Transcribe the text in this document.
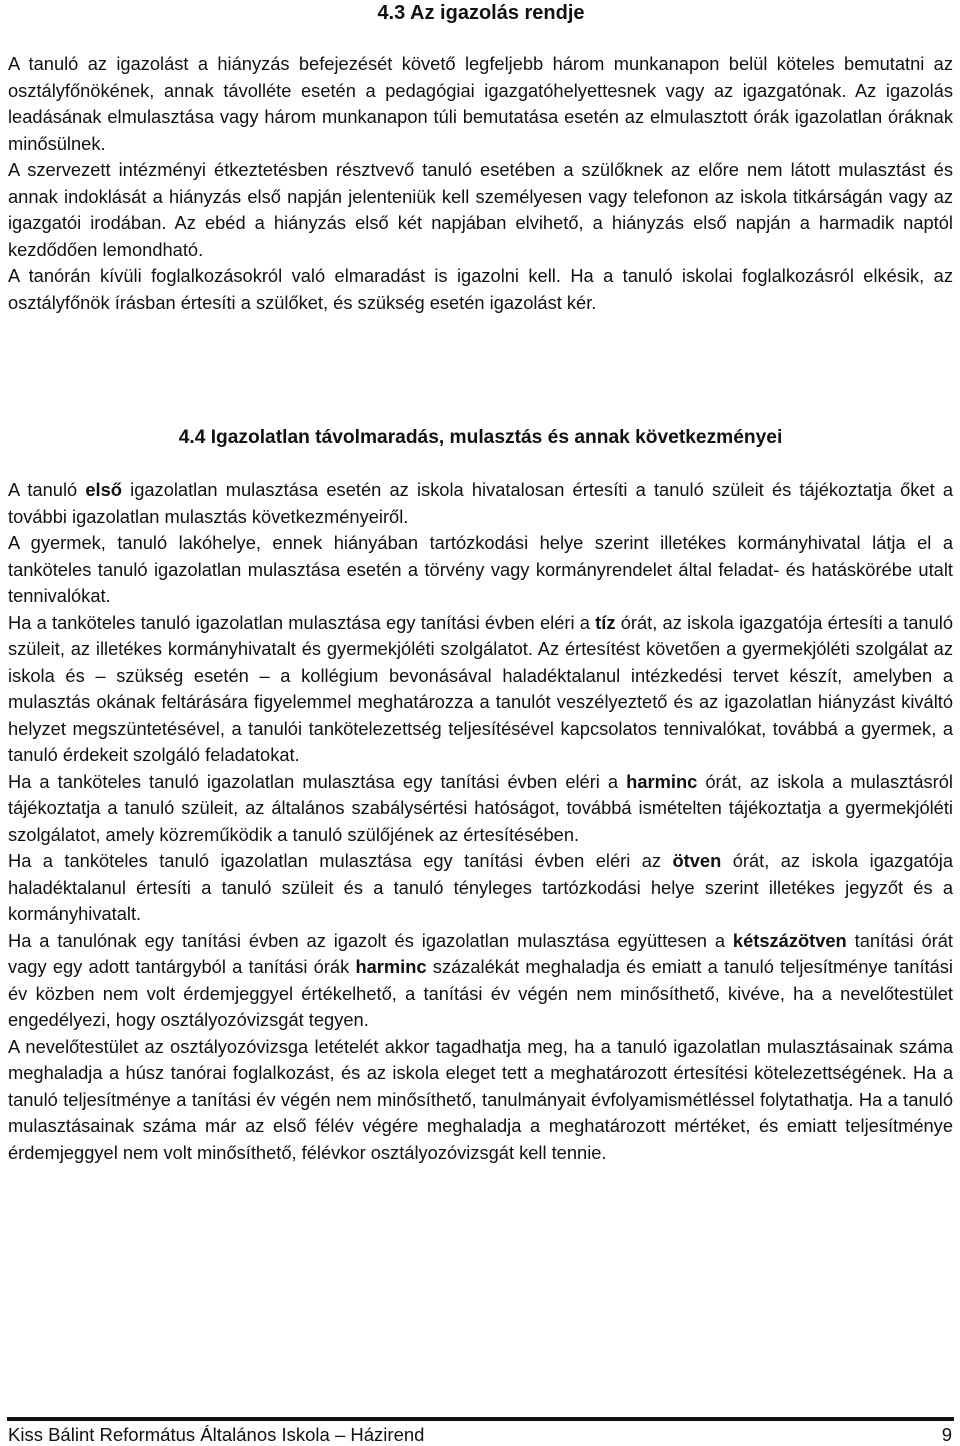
4.3 Az igazolás rendje

A tanuló az igazolást a hiányzás befejezését követő legfeljebb három munkanapon belül köteles bemutatni az osztályfőnökének, annak távolléte esetén a pedagógiai igazgatóhelyettesnek vagy az igazgatónak. Az igazolás leadásának elmulasztása vagy három munkanapon túli bemutatása esetén az elmulasztott órák igazolatlan óráknak minősülnek.

A szervezett intézményi étkeztetésben résztvevő tanuló esetében a szülőknek az előre nem látott mulasztást és annak indoklását a hiányzás első napján jelenteniük kell személyesen vagy telefonon az iskola titkárságán vagy az igazgatói irodában. Az ebéd a hiányzás első két napjában elvihető, a hiányzás első napján a harmadik naptól kezdődően lemondható.

A tanórán kívüli foglalkozásokról való elmaradást is igazolni kell. Ha a tanuló iskolai foglalkozásról elkésik, az osztályfőnök írásban értesíti a szülőket, és szükség esetén igazolást kér.

4.4 Igazolatlan távolmaradás, mulasztás és annak következményei

A tanuló első igazolatlan mulasztása esetén az iskola hivatalosan értesíti a tanuló szüleit és tájékoztatja őket a további igazolatlan mulasztás következményeiről.

A gyermek, tanuló lakóhelye, ennek hiányában tartózkodási helye szerint illetékes kormányhivatal látja el a tanköteles tanuló igazolatlan mulasztása esetén a törvény vagy kormányrendelet által feladat- és hatáskörébe utalt tennivalókat.

Ha a tanköteles tanuló igazolatlan mulasztása egy tanítási évben eléri a tíz órát, az iskola igazgatója értesíti a tanuló szüleit, az illetékes kormányhivatalt és gyermekjóléti szolgálatot. Az értesítést követően a gyermekjóléti szolgálat az iskola és – szükség esetén – a kollégium bevonásával haladéktalanul intézkedési tervet készít, amelyben a mulasztás okának feltárására figyelemmel meghatározza a tanulót veszélyeztető és az igazolatlan hiányzást kiváltó helyzet megszüntetésével, a tanulói tankötelezettség teljesítésével kapcsolatos tennivalókat, továbbá a gyermek, a tanuló érdekeit szolgáló feladatokat.

Ha a tanköteles tanuló igazolatlan mulasztása egy tanítási évben eléri a harminc órát, az iskola a mulasztásról tájékoztatja a tanuló szüleit, az általános szabálysértési hatóságot, továbbá ismételten tájékoztatja a gyermekjóléti szolgálatot, amely közreműködik a tanuló szülőjének az értesítésében.

Ha a tanköteles tanuló igazolatlan mulasztása egy tanítási évben eléri az ötven órát, az iskola igazgatója haladéktalanul értesíti a tanuló szüleit és a tanuló tényleges tartózkodási helye szerint illetékes jegyzőt és a kormányhivatalt.

Ha a tanulónak egy tanítási évben az igazolt és igazolatlan mulasztása együttesen a kétszázötven tanítási órát vagy egy adott tantárgyból a tanítási órák harminc százalékát meghaladja és emiatt a tanuló teljesítménye tanítási év közben nem volt érdemjeggyel értékelhető, a tanítási év végén nem minősíthető, kivéve, ha a nevelőtestület engedélyezi, hogy osztályozóvizsgát tegyen.

A nevelőtestület az osztályozóvizsga letételét akkor tagadhatja meg, ha a tanuló igazolatlan mulasztásainak száma meghaladja a húsz tanórai foglalkozást, és az iskola eleget tett a meghatározott értesítési kötelezettségének. Ha a tanuló teljesítménye a tanítási év végén nem minősíthető, tanulmányait évfolyamismétléssel folytathatja. Ha a tanuló mulasztásainak száma már az első félév végére meghaladja a meghatározott mértéket, és emiatt teljesítménye érdemjeggyel nem volt minősíthető, félévkor osztályozóvizsgát kell tennie.

Kiss Bálint Református Általános Iskola – Házirend	9
